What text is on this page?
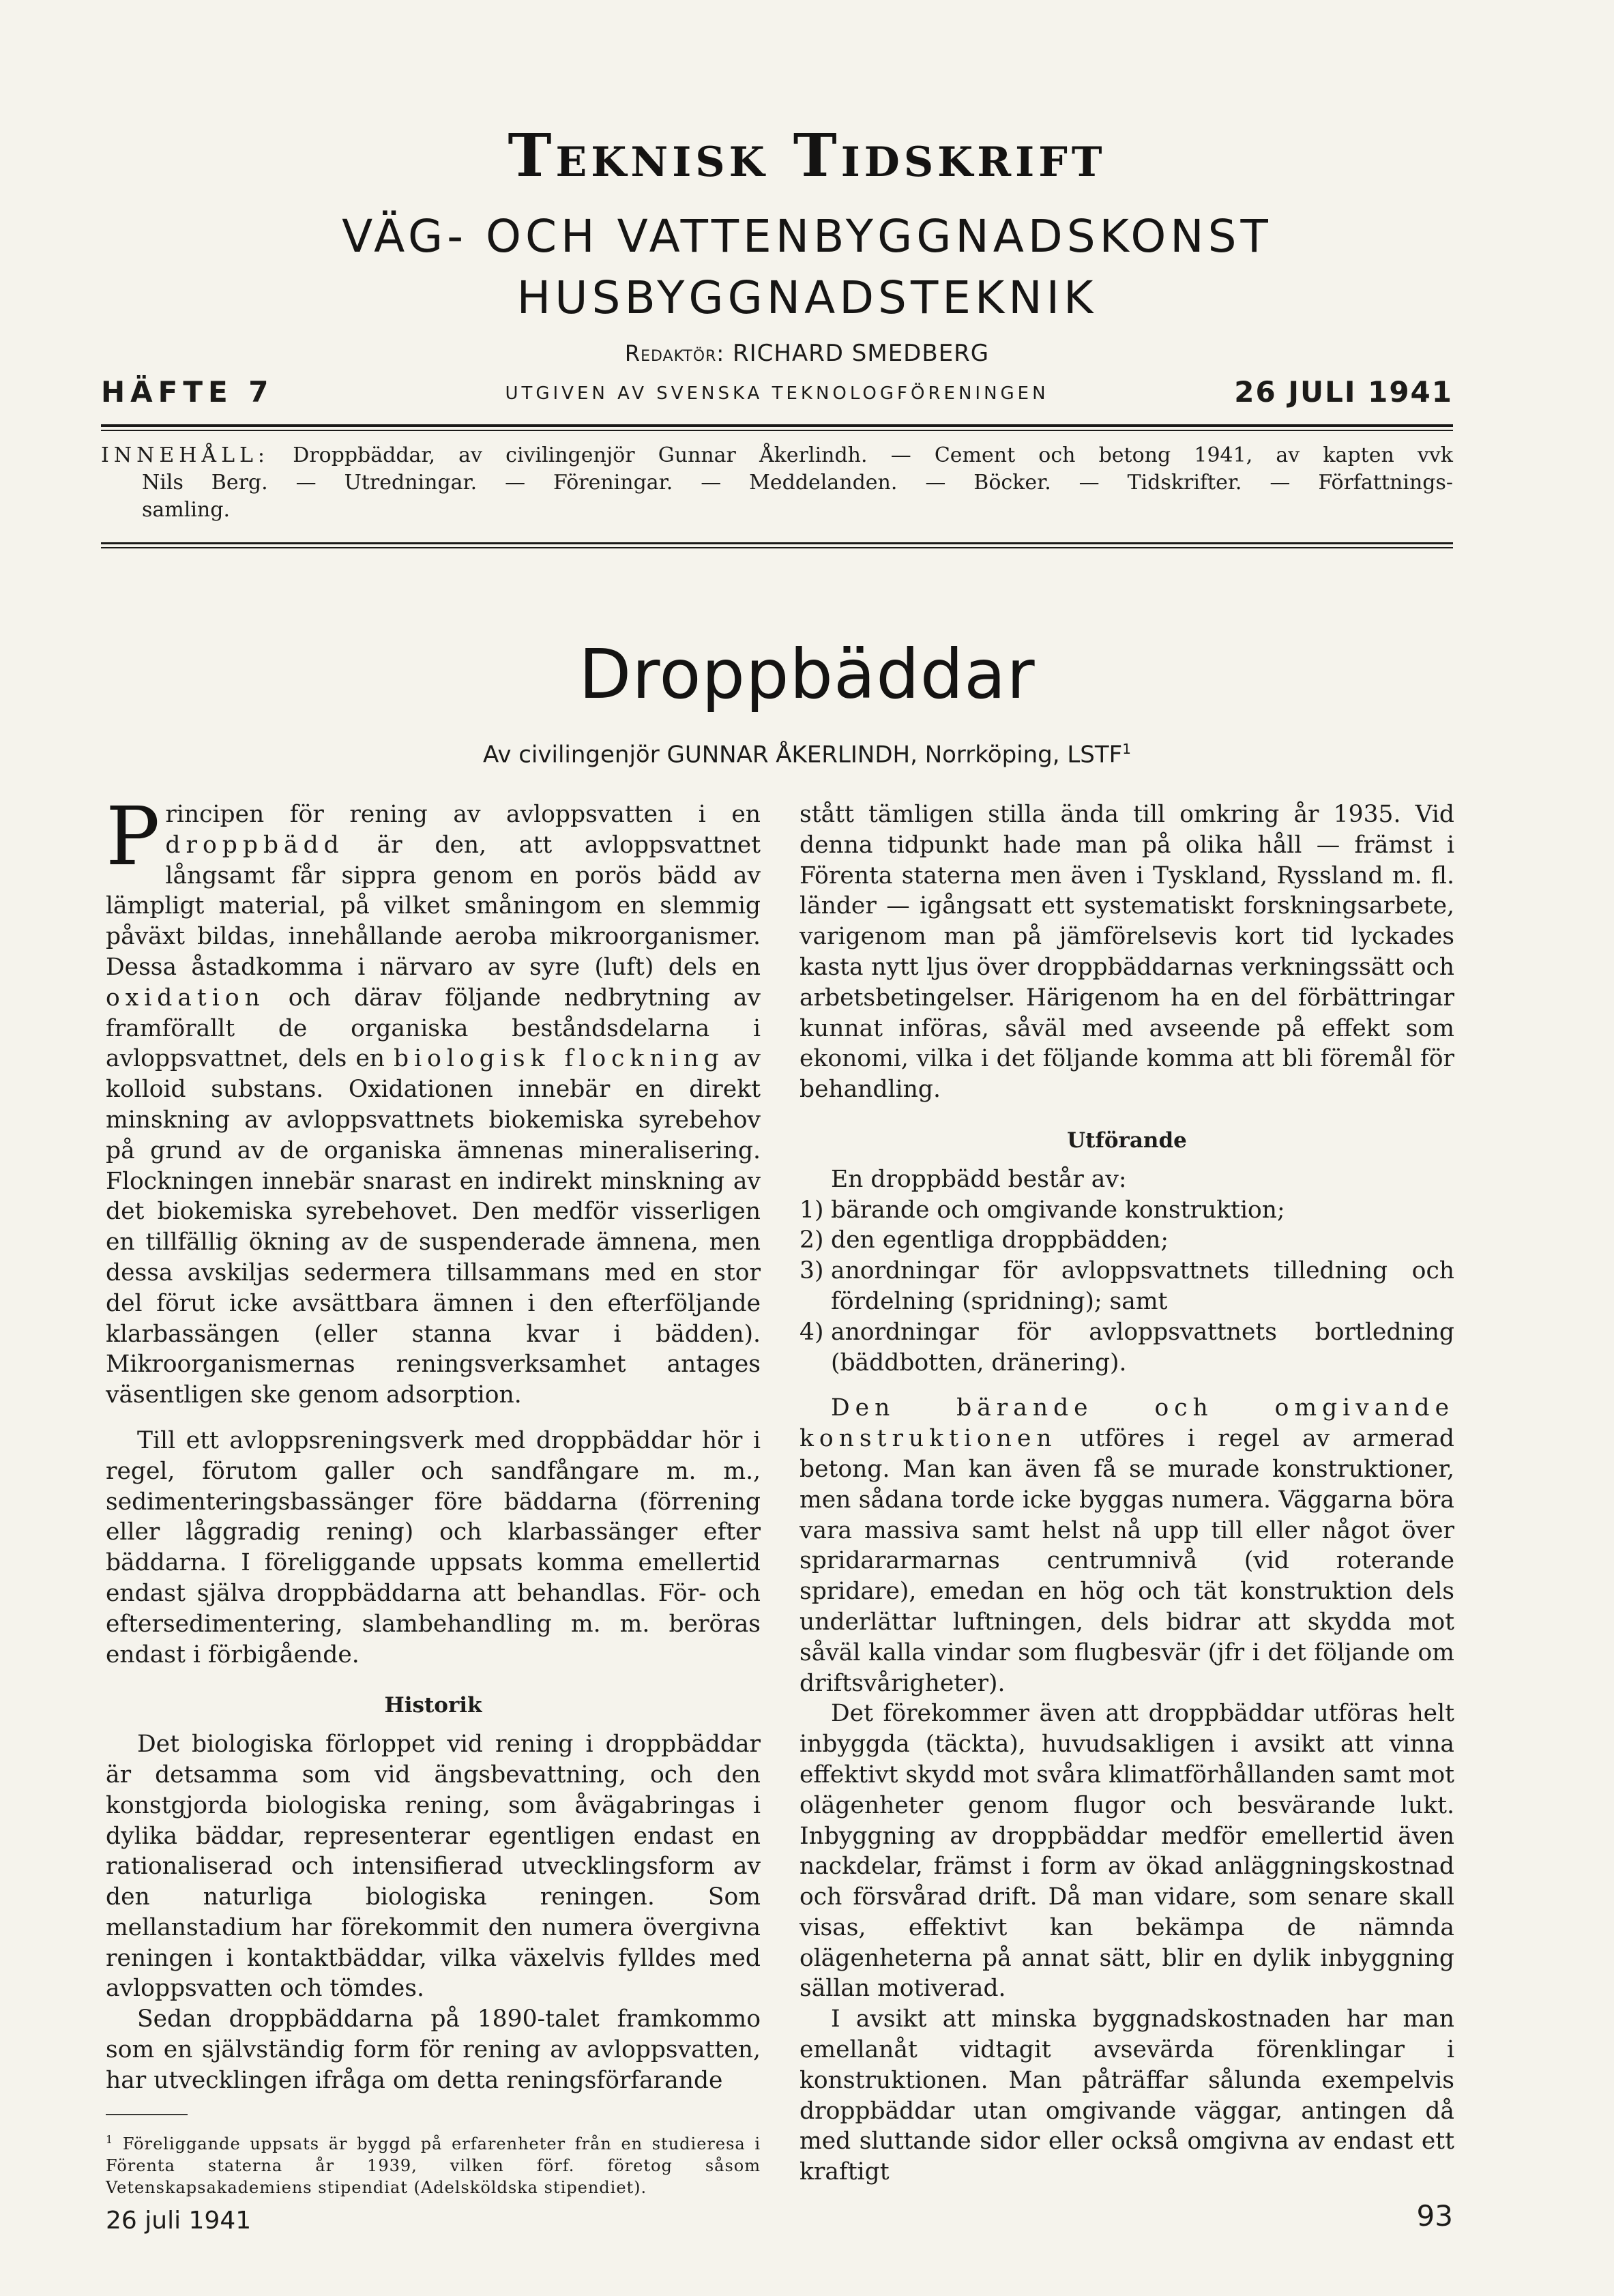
Teknisk Tidskrift
VÄG- OCH VATTENBYGGNADSKONST
HUSBYGGNADSTEKNIK
Redaktör: RICHARD SMEDBERG
HÄFTE 7	UTGIVEN AV SVENSKA TEKNOLOGFÖRENINGEN	26 JULI 1941
INNEHÅLL: Droppbäddar, av civilingenjör Gunnar Åkerlindh. — Cement och betong 1941, av kapten vvk
Nils Berg. — Utredningar. — Föreningar. — Meddelanden. — Böcker. — Tidskrifter. — Författnings-
samling.
Droppbäddar
Av civilingenjör GUNNAR ÅKERLINDH, Norrköping, LSTF$^1$

Principen för rening av avloppsvatten i en droppbädd är den, att avloppsvattnet långsamt får sippra genom en porös bädd av lämpligt material, på vilket småningom en slemmig påväxt bildas, innehållande aeroba mikroorganismer. Dessa åstadkomma i närvaro av syre (luft) dels en oxidation och därav följande nedbrytning av framförallt de organiska beståndsdelarna i avloppsvattnet, dels en biologisk flockning av kolloid substans. Oxidationen innebär en direkt minskning av avloppsvattnets biokemiska syrebehov på grund av de organiska ämnenas mineralisering. Flockningen innebär snarast en indirekt minskning av det biokemiska syrebehovet. Den medför visserligen en tillfällig ökning av de suspenderade ämnena, men dessa avskiljas sedermera tillsammans med en stor del förut icke avsättbara ämnen i den efterföljande klarbassängen (eller stanna kvar i bädden). Mikroorganismernas reningsverksamhet antages väsentligen ske genom adsorption.

Till ett avloppsreningsverk med droppbäddar hör i regel, förutom galler och sandfångare m. m., sedimenteringsbassänger före bäddarna (förrening eller låggradig rening) och klarbassänger efter bäddarna. I föreliggande uppsats komma emellertid endast själva droppbäddarna att behandlas. För- och eftersedimentering, slambehandling m. m. beröras endast i förbigående.

Historik

Det biologiska förloppet vid rening i droppbäddar är detsamma som vid ängsbevattning, och den konstgjorda biologiska rening, som åvägabringas i dylika bäddar, representerar egentligen endast en rationaliserad och intensifierad utvecklingsform av den naturliga biologiska reningen. Som mellanstadium har förekommit den numera övergivna reningen i kontaktbäddar, vilka växelvis fylldes med avloppsvatten och tömdes.

Sedan droppbäddarna på 1890-talet framkommo som en självständig form för rening av avloppsvatten, har utvecklingen ifråga om detta reningsförfarande

$^1$ Föreliggande uppsats är byggd på erfarenheter från en studieresa i Förenta staterna år 1939, vilken förf. företog såsom Vetenskapsakademiens stipendiat (Adelsköldska stipendiet).

stått tämligen stilla ända till omkring år 1935. Vid denna tidpunkt hade man på olika håll — främst i Förenta staterna men även i Tyskland, Ryssland m. fl. länder — igångsatt ett systematiskt forskningsarbete, varigenom man på jämförelsevis kort tid lyckades kasta nytt ljus över droppbäddarnas verkningssätt och arbetsbetingelser. Härigenom ha en del förbättringar kunnat införas, såväl med avseende på effekt som ekonomi, vilka i det följande komma att bli föremål för behandling.

Utförande

En droppbädd består av:

1) bärande och omgivande konstruktion;
2) den egentliga droppbädden;
3) anordningar för avloppsvattnets tilledning och fördelning (spridning); samt
4) anordningar för avloppsvattnets bortledning (bäddbotten, dränering).

Den bärande och omgivande konstruktionen utföres i regel av armerad betong. Man kan även få se murade konstruktioner, men sådana torde icke byggas numera. Väggarna böra vara massiva samt helst nå upp till eller något över spridararmarnas centrumnivå (vid roterande spridare), emedan en hög och tät konstruktion dels underlättar luftningen, dels bidrar att skydda mot såväl kalla vindar som flugbesvär (jfr i det följande om driftsvårigheter).

Det förekommer även att droppbäddar utföras helt inbyggda (täckta), huvudsakligen i avsikt att vinna effektivt skydd mot svåra klimatförhållanden samt mot olägenheter genom flugor och besvärande lukt. Inbyggning av droppbäddar medför emellertid även nackdelar, främst i form av ökad anläggningskostnad och försvårad drift. Då man vidare, som senare skall visas, effektivt kan bekämpa de nämnda olägenheterna på annat sätt, blir en dylik inbyggning sällan motiverad.

I avsikt att minska byggnadskostnaden har man emellanåt vidtagit avsevärda förenklingar i konstruktionen. Man påträffar sålunda exempelvis droppbäddar utan omgivande väggar, antingen då med sluttande sidor eller också omgivna av endast ett kraftigt

26 juli 1941	93
